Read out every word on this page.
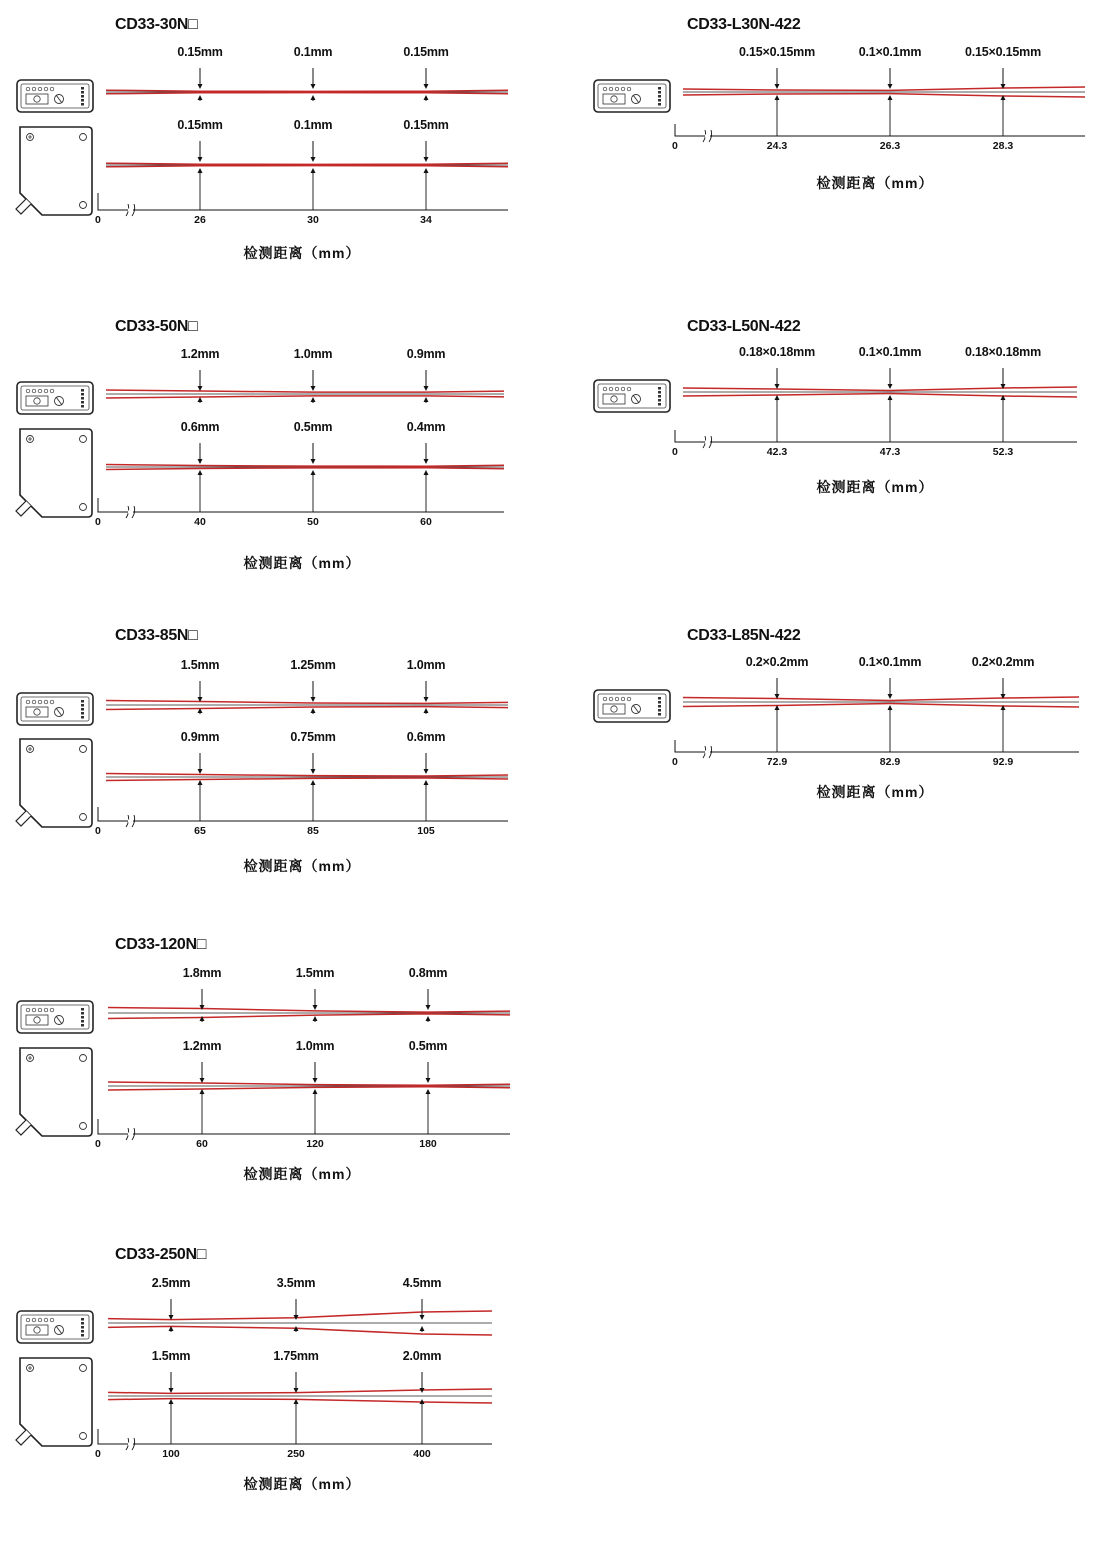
CD33-30N□
0.15mm	0.1mm	0.15mm
0.15mm	0.1mm	0.15mm
0	26	30	34
检测距离（mm）
CD33-L30N-422
0.15×0.15mm	0.1×0.1mm	0.15×0.15mm
0	24.3	26.3	28.3
检测距离（mm）
CD33-50N□
1.2mm	1.0mm	0.9mm
0.6mm	0.5mm	0.4mm
0	40	50	60
检测距离（mm）
CD33-L50N-422
0.18×0.18mm	0.1×0.1mm	0.18×0.18mm
0	42.3	47.3	52.3
检测距离（mm）
CD33-85N□
1.5mm	1.25mm	1.0mm
0.9mm	0.75mm	0.6mm
0	65	85	105
检测距离（mm）
CD33-L85N-422
0.2×0.2mm	0.1×0.1mm	0.2×0.2mm
0	72.9	82.9	92.9
检测距离（mm）
CD33-120N□
1.8mm	1.5mm	0.8mm
1.2mm	1.0mm	0.5mm
0	60	120	180
检测距离（mm）
CD33-250N□
2.5mm	3.5mm	4.5mm
1.5mm	1.75mm	2.0mm
0	100	250	400
检测距离（mm）
